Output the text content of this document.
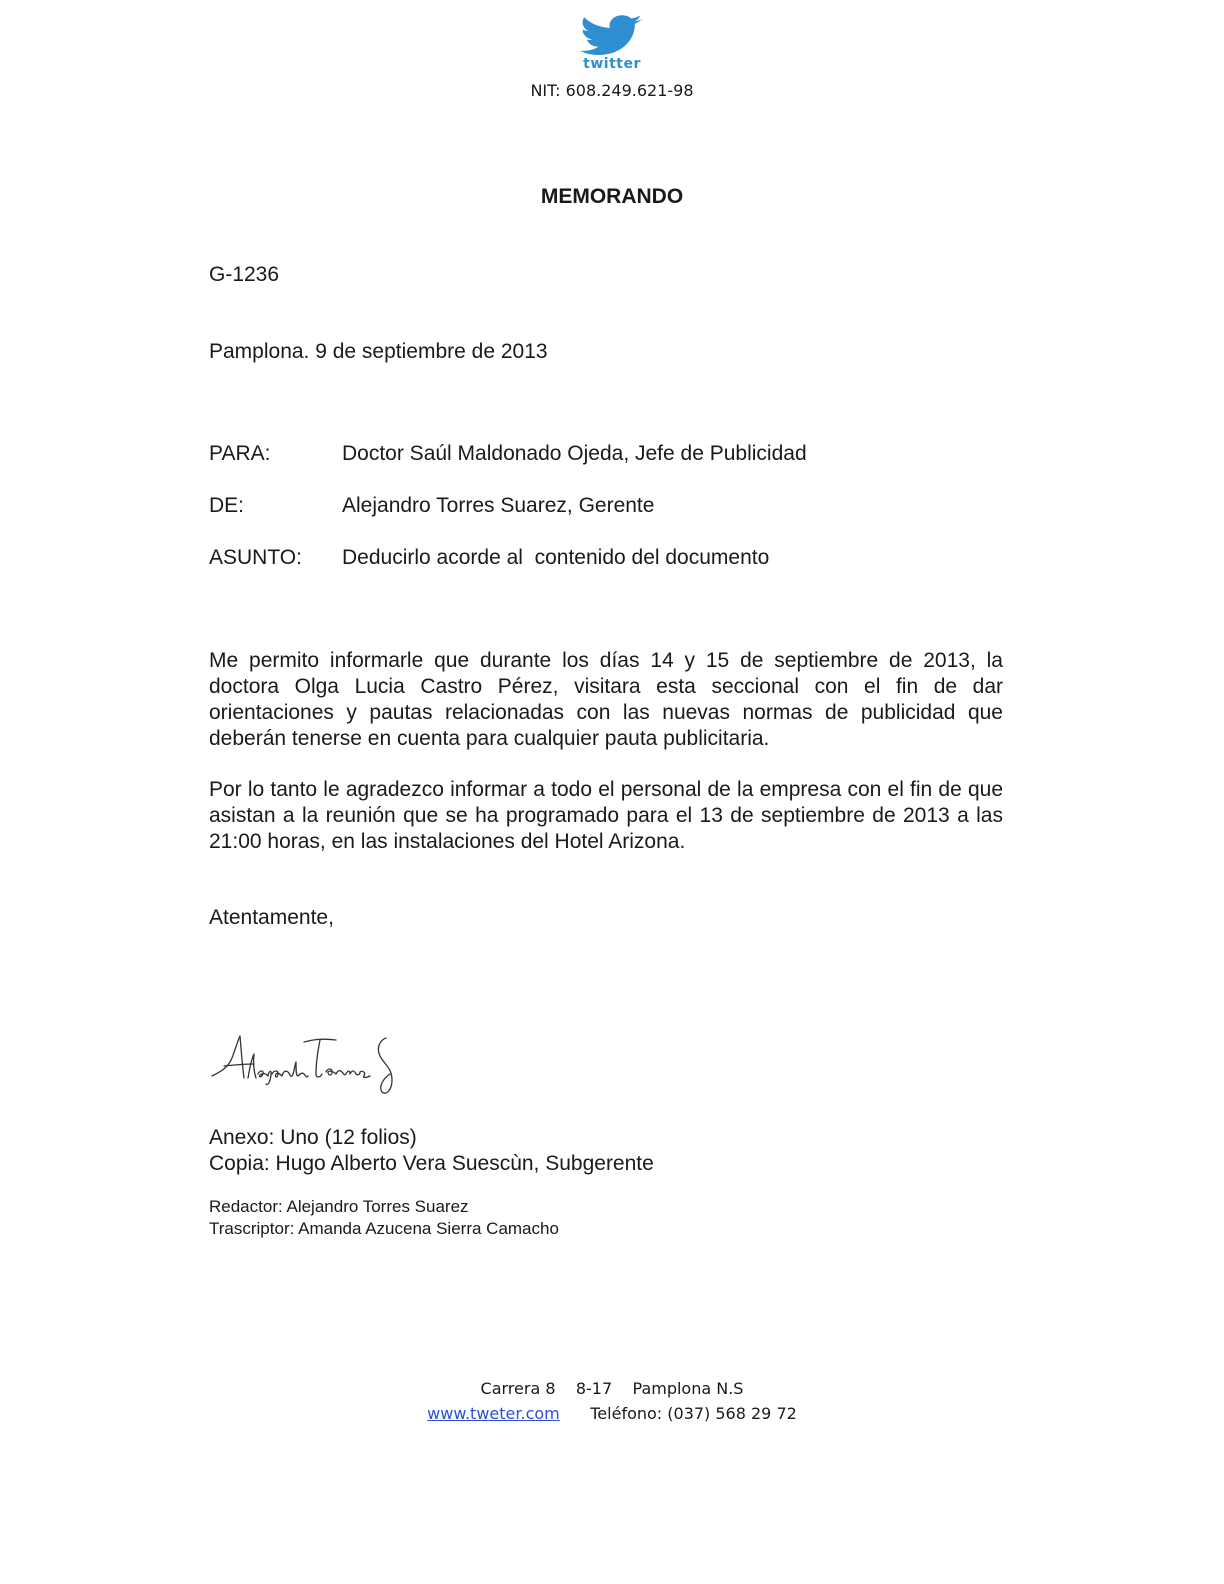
twitter
NIT: 608.249.621-98
MEMORANDO
G-1236
Pamplona. 9 de septiembre de 2013
PARA:	Doctor Saúl Maldonado Ojeda, Jefe de Publicidad
DE:	Alejandro Torres Suarez, Gerente
ASUNTO: Deducirlo acorde al  contenido del documento
Me permito informarle que durante los días 14 y 15 de septiembre de 2013, la doctora Olga Lucia Castro Pérez, visitara esta seccional con el fin de dar orientaciones y pautas relacionadas con las nuevas normas de publicidad que deberán tenerse en cuenta para cualquier pauta publicitaria.
Por lo tanto le agradezco informar a todo el personal de la empresa con el fin de que asistan a la reunión que se ha programado para el 13 de septiembre de 2013 a las 21:00 horas, en las instalaciones del Hotel Arizona.
Atentamente,
Anexo: Uno (12 folios)
Copia: Hugo Alberto Vera Suescùn, Subgerente
Redactor: Alejandro Torres Suarez
Trascriptor: Amanda Azucena Sierra Camacho
Carrera 8    8-17    Pamplona N.S
www.tweter.com Teléfono: (037) 568 29 72
